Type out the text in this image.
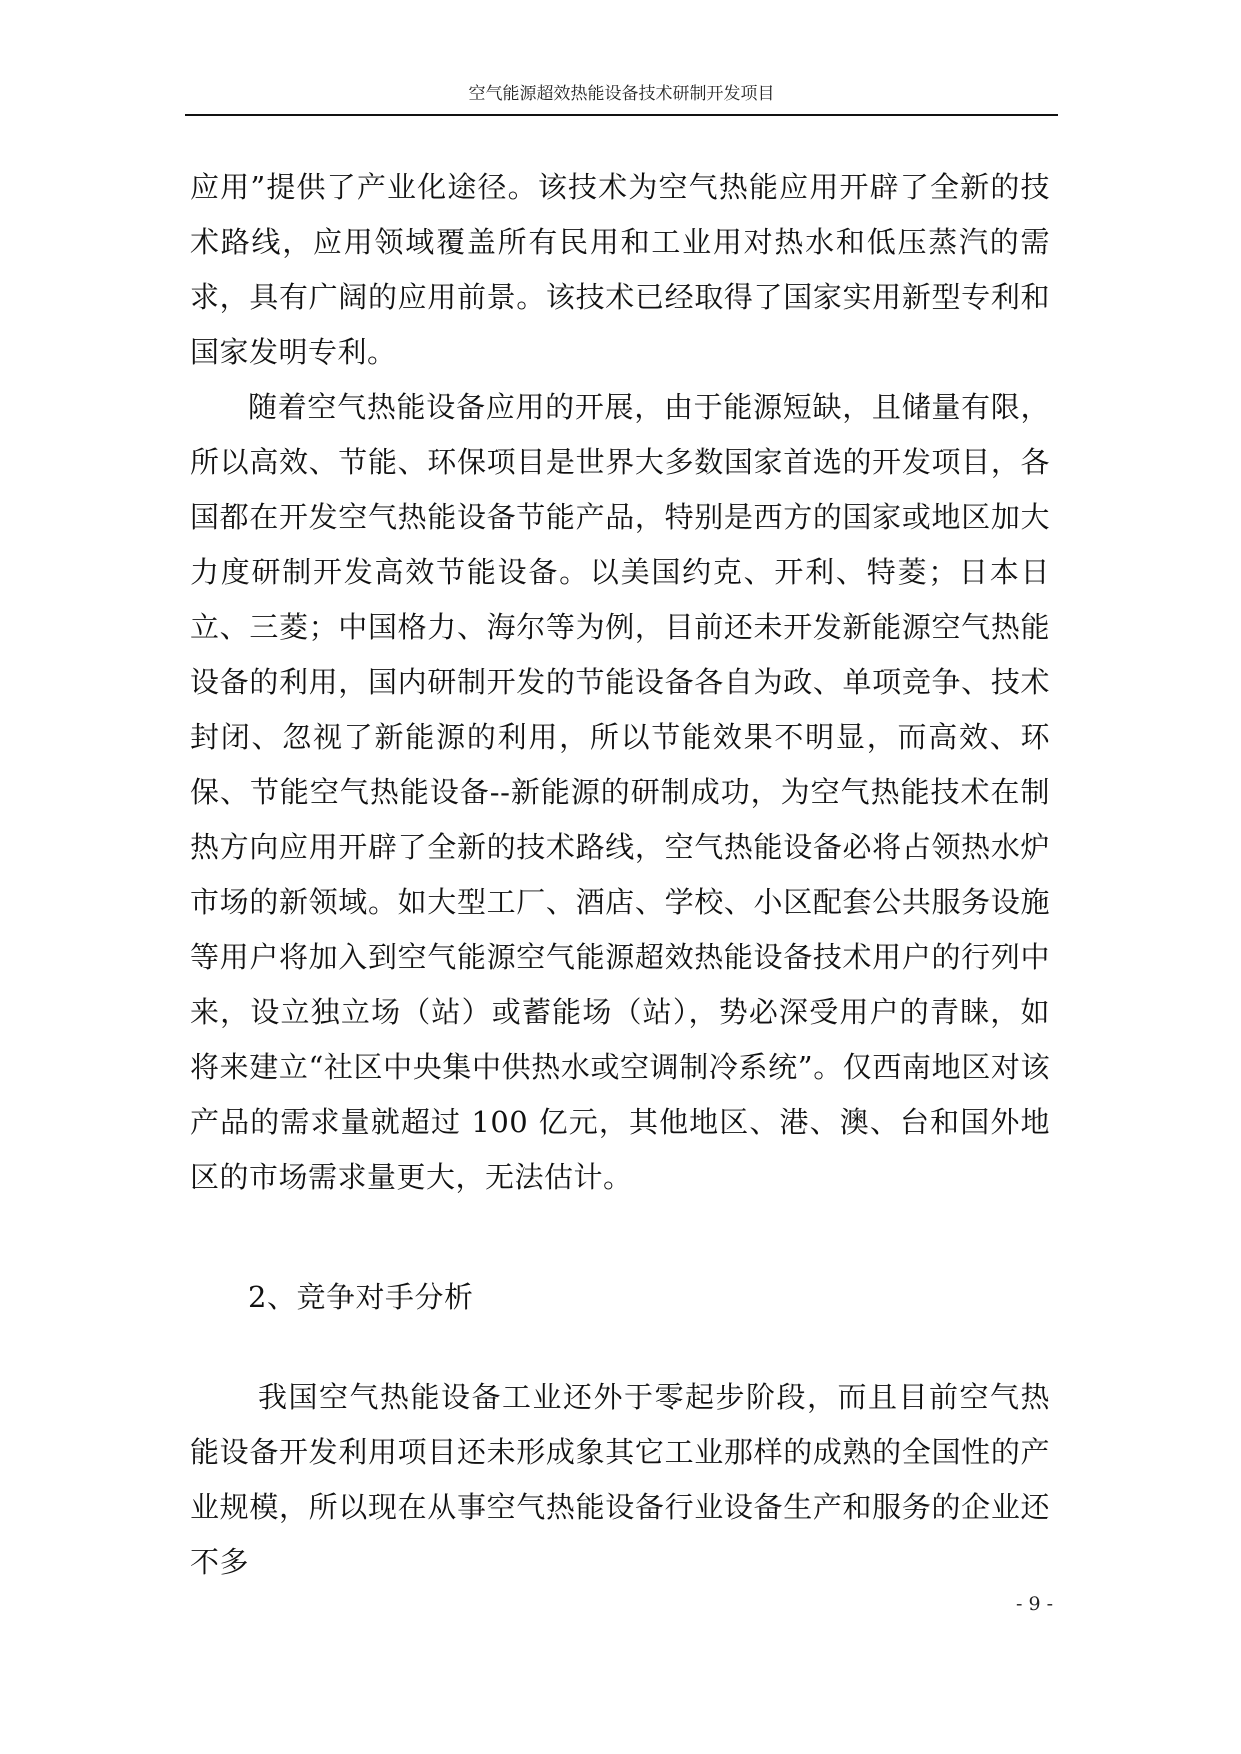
空气能源超效热能设备技术研制开发项目

应用”提供了产业化途径。该技术为空气热能应用开辟了全新的技术路线，应用领域覆盖所有民用和工业用对热水和低压蒸汽的需求，具有广阔的应用前景。该技术已经取得了国家实用新型专利和国家发明专利。

随着空气热能设备应用的开展，由于能源短缺，且储量有限，所以高效、节能、环保项目是世界大多数国家首选的开发项目，各国都在开发空气热能设备节能产品，特别是西方的国家或地区加大力度研制开发高效节能设备。以美国约克、开利、特菱；日本日立、三菱；中国格力、海尔等为例，目前还未开发新能源空气热能设备的利用，国内研制开发的节能设备各自为政、单项竞争、技术封闭、忽视了新能源的利用，所以节能效果不明显，而高效、环保、节能空气热能设备--新能源的研制成功，为空气热能技术在制热方向应用开辟了全新的技术路线，空气热能设备必将占领热水炉市场的新领域。如大型工厂、酒店、学校、小区配套公共服务设施等用户将加入到空气能源空气能源超效热能设备技术用户的行列中来，设立独立场（站）或蓄能场（站），势必深受用户的青睐，如将来建立“社区中央集中供热水或空调制冷系统”。仅西南地区对该产品的需求量就超过 100 亿元，其他地区、港、澳、台和国外地区的市场需求量更大，无法估计。

2、竞争对手分析

我国空气热能设备工业还外于零起步阶段，而且目前空气热能设备开发利用项目还未形成象其它工业那样的成熟的全国性的产业规模，所以现在从事空气热能设备行业设备生产和服务的企业还不多

- 9 -
